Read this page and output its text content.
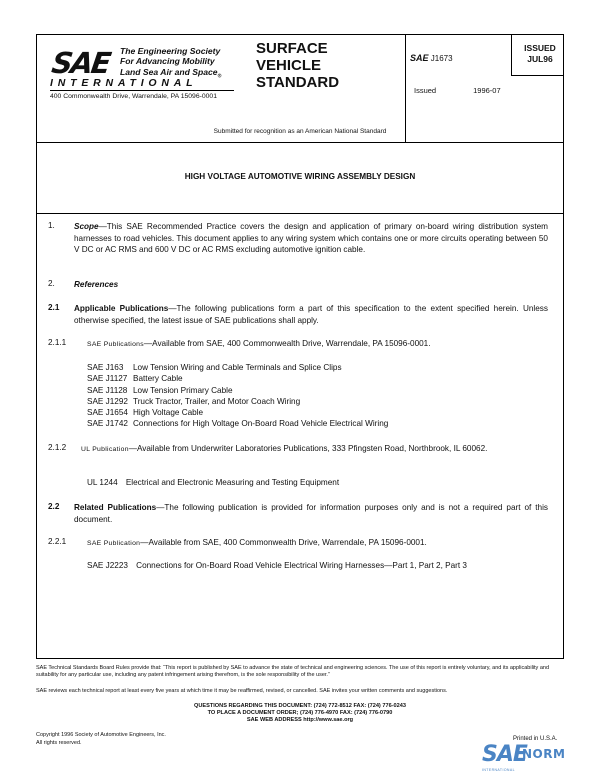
SAE The Engineering Society
For Advancing Mobility
Land Sea Air and Space$_®$
INTERNATIONAL
400 Commonwealth Drive, Warrendale, PA 15096-0001
SURFACE
VEHICLE
STANDARD
SAE J1673
ISSUED
JUL96
Issued	1996-07
Submitted for recognition as an American National Standard
HIGH VOLTAGE AUTOMOTIVE WIRING ASSEMBLY DESIGN
1. Scope—This SAE Recommended Practice covers the design and application of primary on-board wiring distribution system harnesses to road vehicles. This document applies to any wiring system which contains one or more circuits operating between 50 V DC or AC RMS and 600 V DC or AC RMS excluding automotive ignition cable.
2. References
2.1 Applicable Publications—The following publications form a part of this specification to the extent specified herein. Unless otherwise specified, the latest issue of SAE publications shall apply.
2.1.1	SAE Publications—Available from SAE, 400 Commonwealth Drive, Warrendale, PA 15096-0001.
SAE J163 Low Tension Wiring and Cable Terminals and Splice Clips
SAE J1127 Battery Cable
SAE J1128 Low Tension Primary Cable
SAE J1292 Truck Tractor, Trailer, and Motor Coach Wiring
SAE J1654 High Voltage Cable
SAE J1742 Connections for High Voltage On-Board Road Vehicle Electrical Wiring
2.1.2 UL Publication—Available from Underwriter Laboratories Publications, 333 Pfingsten Road, Northbrook, IL 60062.
UL 1244 Electrical and Electronic Measuring and Testing Equipment
2.2 Related Publications—The following publication is provided for information purposes only and is not a required part of this document.
2.2.1	SAE Publication—Available from SAE, 400 Commonwealth Drive, Warrendale, PA 15096-0001.
SAE J2223 Connections for On-Board Road Vehicle Electrical Wiring Harnesses—Part 1, Part 2, Part 3
SAE Technical Standards Board Rules provide that: “This report is published by SAE to advance the state of technical and engineering sciences. The use of this report is entirely voluntary, and its applicability and suitability for any particular use, including any patent infringement arising therefrom, is the sole responsibility of the user.”
SAE reviews each technical report at least every five years at which time it may be reaffirmed, revised, or cancelled. SAE invites your written comments and suggestions.
QUESTIONS REGARDING THIS DOCUMENT: (724) 772-8512 FAX: (724) 776-0243
TO PLACE A DOCUMENT ORDER; (724) 776-4970 FAX: (724) 776-0790
SAE WEB ADDRESS http://www.sae.org
Copyright 1996 Society of Automotive Engineers, Inc.
All rights reserved.
Printed in U.S.A.
SAE
NORM
INTERNATIONAL
